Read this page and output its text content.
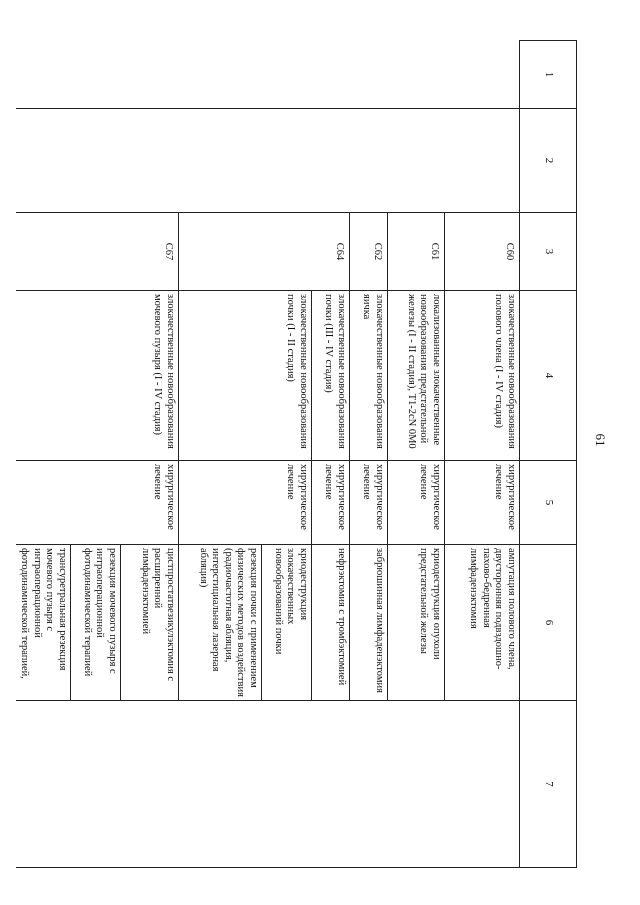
61
1	2	3	4	5	6	7
		C60	злокачественные новообразования полового члена (I - IV стадия)	хирургическое лечение	ампутация полового члена, двусторонняя подвздошно-пахово-бедренная лимфаденэктомия	
		C61	локализованные злокачественные новообразования предстательной железы (I - II стадия), T1-2cN 0M0	хирургическое лечение	криодеструкция опухоли предстательной железы	
		C62	злокачественные новообразования яичка	хирургическое лечение	забрюшинная лимфаденэктомия	
		C64	злокачественные новообразования почки (III - IV стадия)	хирургическое лечение	нефрэктомия с тромбэктомией	
			злокачественные новообразования почки (I - II стадия)	хирургическое лечение	криодеструкция злокачественных новообразований почки	
					резекция почки с применением физических методов воздействия (радиочастотная абляция, интерстициальная лазерная абляция)	
		C67	злокачественные новообразования мочевого пузыря (I - IV стадия)	хирургическое лечение	цистпростатвезикулэктомия с расширенной лимфаденэктомией	
					резекция мочевого пузыря с интраоперационной фотодинамической терапией	
					трансуретральная резекция мочевого пузыря с интраоперационной фотодинамической терапией,	
